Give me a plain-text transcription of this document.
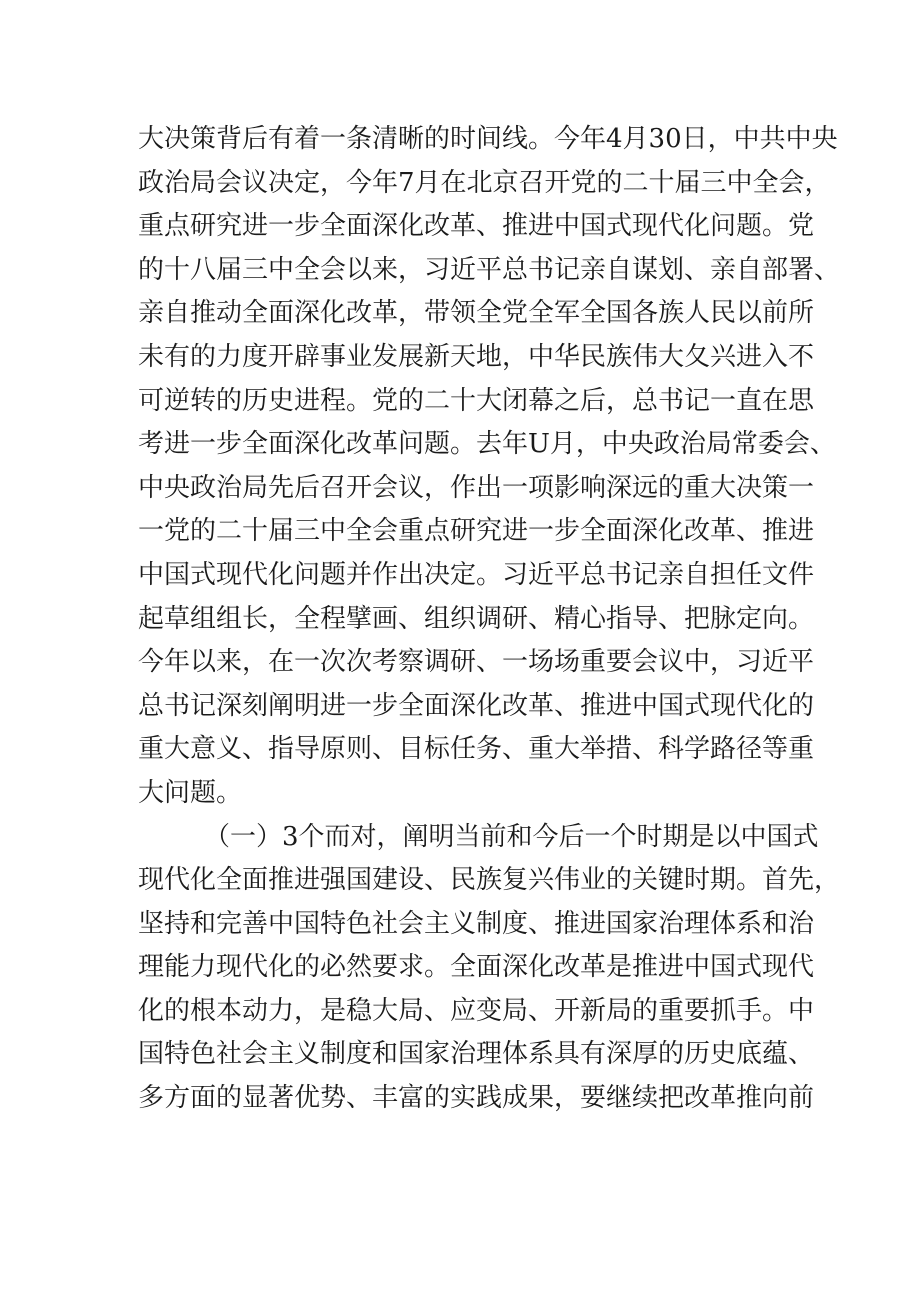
大决策背后有着一条清晰的时间线。今年4月30日，中共中央
政治局会议决定，今年7月在北京召开党的二十届三中全会，
重点研究进一步全面深化改革、推进中国式现代化问题。党
的十八届三中全会以来，习近平总书记亲自谋划、亲自部署、
亲自推动全面深化改革，带领全党全军全国各族人民以前所
未有的力度开辟事业发展新天地，中华民族伟大夂兴进入不
可逆转的历史进程。党的二十大闭幕之后，总书记一直在思
考进一步全面深化改革问题。去年U月，中央政治局常委会、
中央政治局先后召开会议，作出一项影响深远的重大决策一
一党的二十届三中全会重点研究进一步全面深化改革、推进
中国式现代化问题并作出决定。习近平总书记亲自担任文件
起草组组长，全程擘画、组织调研、精心指导、把脉定向。
今年以来，在一次次考察调研、一场场重要会议中，习近平
总书记深刻阐明进一步全面深化改革、推进中国式现代化的
重大意义、指导原则、目标任务、重大举措、科学路径等重
大问题。
（一）3个而对，阐明当前和今后一个时期是以中国式
现代化全面推进强国建设、民族复兴伟业的关键时期。首先，
坚持和完善中国特色社会主义制度、推进国家治理体系和治
理能力现代化的必然要求。全面深化改革是推进中国式现代
化的根本动力，是稳大局、应变局、开新局的重要抓手。中
国特色社会主义制度和国家治理体系具有深厚的历史底蕴、
多方面的显著优势、丰富的实践成果，要继续把改革推向前
